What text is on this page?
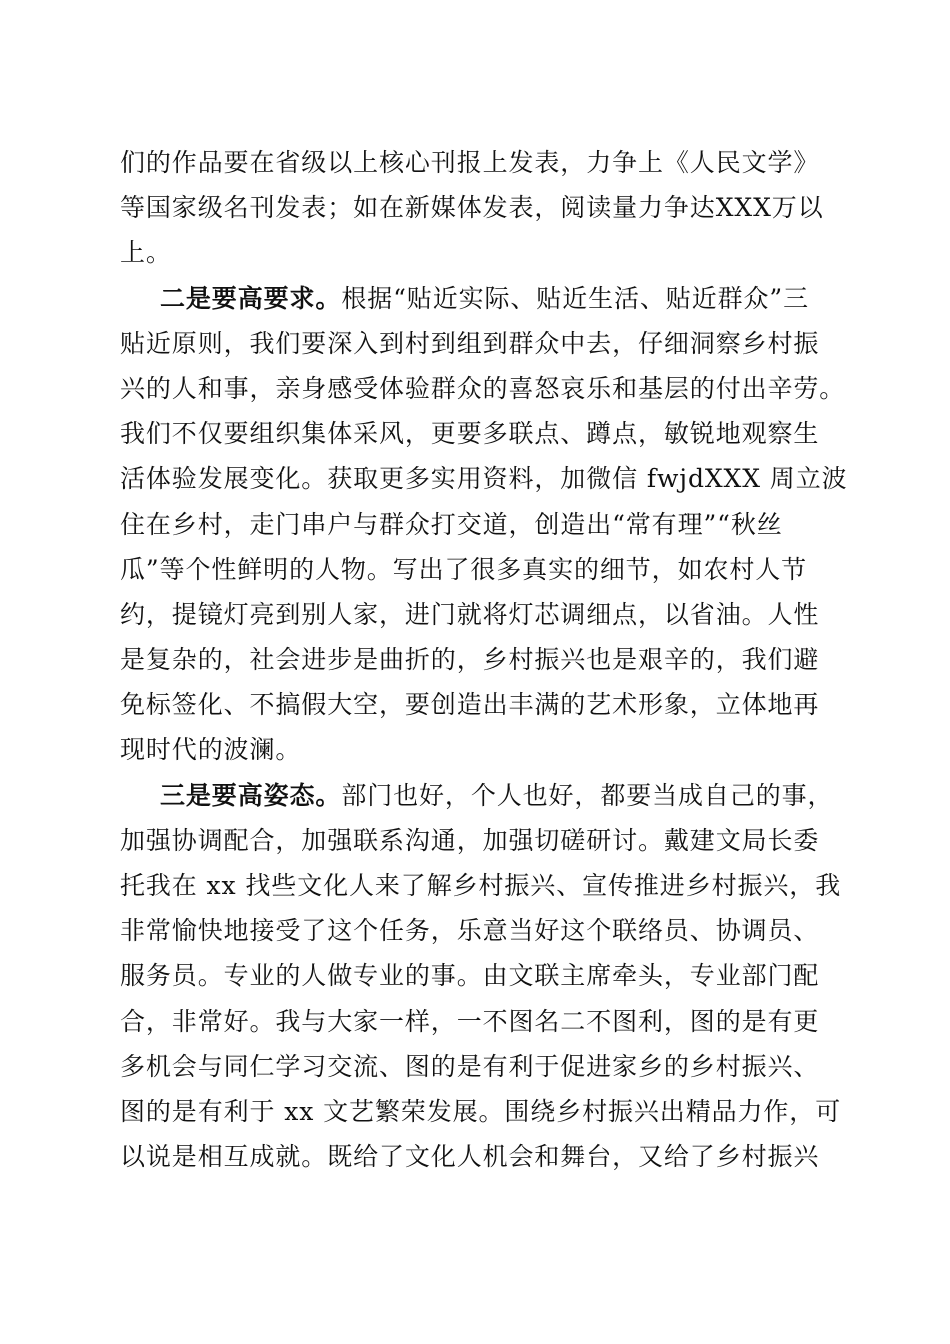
们的作品要在省级以上核心刊报上发表，力争上《人民文学》
等国家级名刊发表；如在新媒体发表，阅读量力争达XXX万以
上。
二是要高要求。根据“贴近实际、贴近生活、贴近群众”三
贴近原则，我们要深入到村到组到群众中去，仔细洞察乡村振
兴的人和事，亲身感受体验群众的喜怒哀乐和基层的付出辛劳。
我们不仅要组织集体采风，更要多联点、蹲点，敏锐地观察生
活体验发展变化。获取更多实用资料，加微信 fwjdXXX 周立波
住在乡村，走门串户与群众打交道，创造出“常有理”“秋丝
瓜”等个性鲜明的人物。写出了很多真实的细节，如农村人节
约，提镜灯亮到别人家，进门就将灯芯调细点，以省油。人性
是复杂的，社会进步是曲折的，乡村振兴也是艰辛的，我们避
免标签化、不搞假大空，要创造出丰满的艺术形象，立体地再
现时代的波澜。
三是要高姿态。部门也好，个人也好，都要当成自己的事，
加强协调配合，加强联系沟通，加强切磋研讨。戴建文局长委
托我在 xx 找些文化人来了解乡村振兴、宣传推进乡村振兴，我
非常愉快地接受了这个任务，乐意当好这个联络员、协调员、
服务员。专业的人做专业的事。由文联主席牵头，专业部门配
合，非常好。我与大家一样，一不图名二不图利，图的是有更
多机会与同仁学习交流、图的是有利于促进家乡的乡村振兴、
图的是有利于 xx 文艺繁荣发展。围绕乡村振兴出精品力作，可
以说是相互成就。既给了文化人机会和舞台，又给了乡村振兴
